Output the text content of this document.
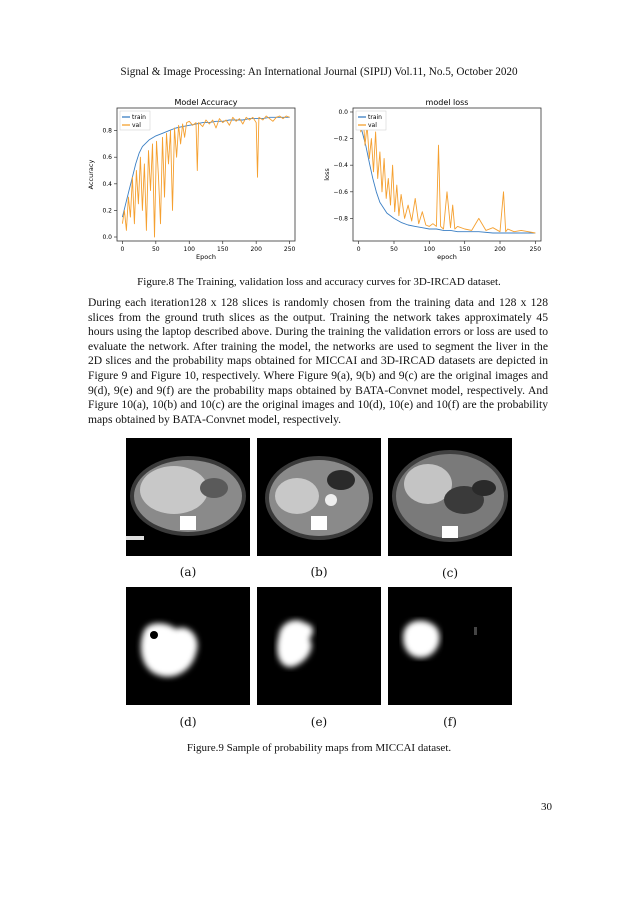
Signal & Image Processing: An International Journal (SIPIJ) Vol.11, No.5, October 2020
Model Accuracy
0	50	100	150	200	250
0.0
0.2
0.4
0.6
0.8
Epoch
Accuracy
train
val
model loss
0	50	100	150	200	250
0.0
−0.2
−0.4
−0.6
−0.8
epoch
loss
train
val
Figure.8 The Training, validation loss and accuracy curves for 3D-IRCAD dataset.
During each iteration128 x 128 slices is randomly chosen from the training data and 128 x 128 slices from the ground truth slices as the output. Training the network takes approximately 45 hours using the laptop described above. During the training the validation errors or loss are used to evaluate the network. After training the model, the networks are used to segment the liver in the 2D slices and the probability maps obtained for MICCAI and 3D-IRCAD datasets are depicted in Figure 9 and Figure 10, respectively. Where Figure 9(a), 9(b) and 9(c) are the original images and 9(d), 9(e) and 9(f) are the probability maps obtained by BATA-Convnet model, respectively. And Figure 10(a), 10(b) and 10(c) are the original images and 10(d), 10(e) and 10(f) are the probability maps obtained by BATA-Convnet model, respectively.
(a)	(b)	(c)
(d)	(e)	(f)
Figure.9 Sample of probability maps from MICCAI dataset.
30
